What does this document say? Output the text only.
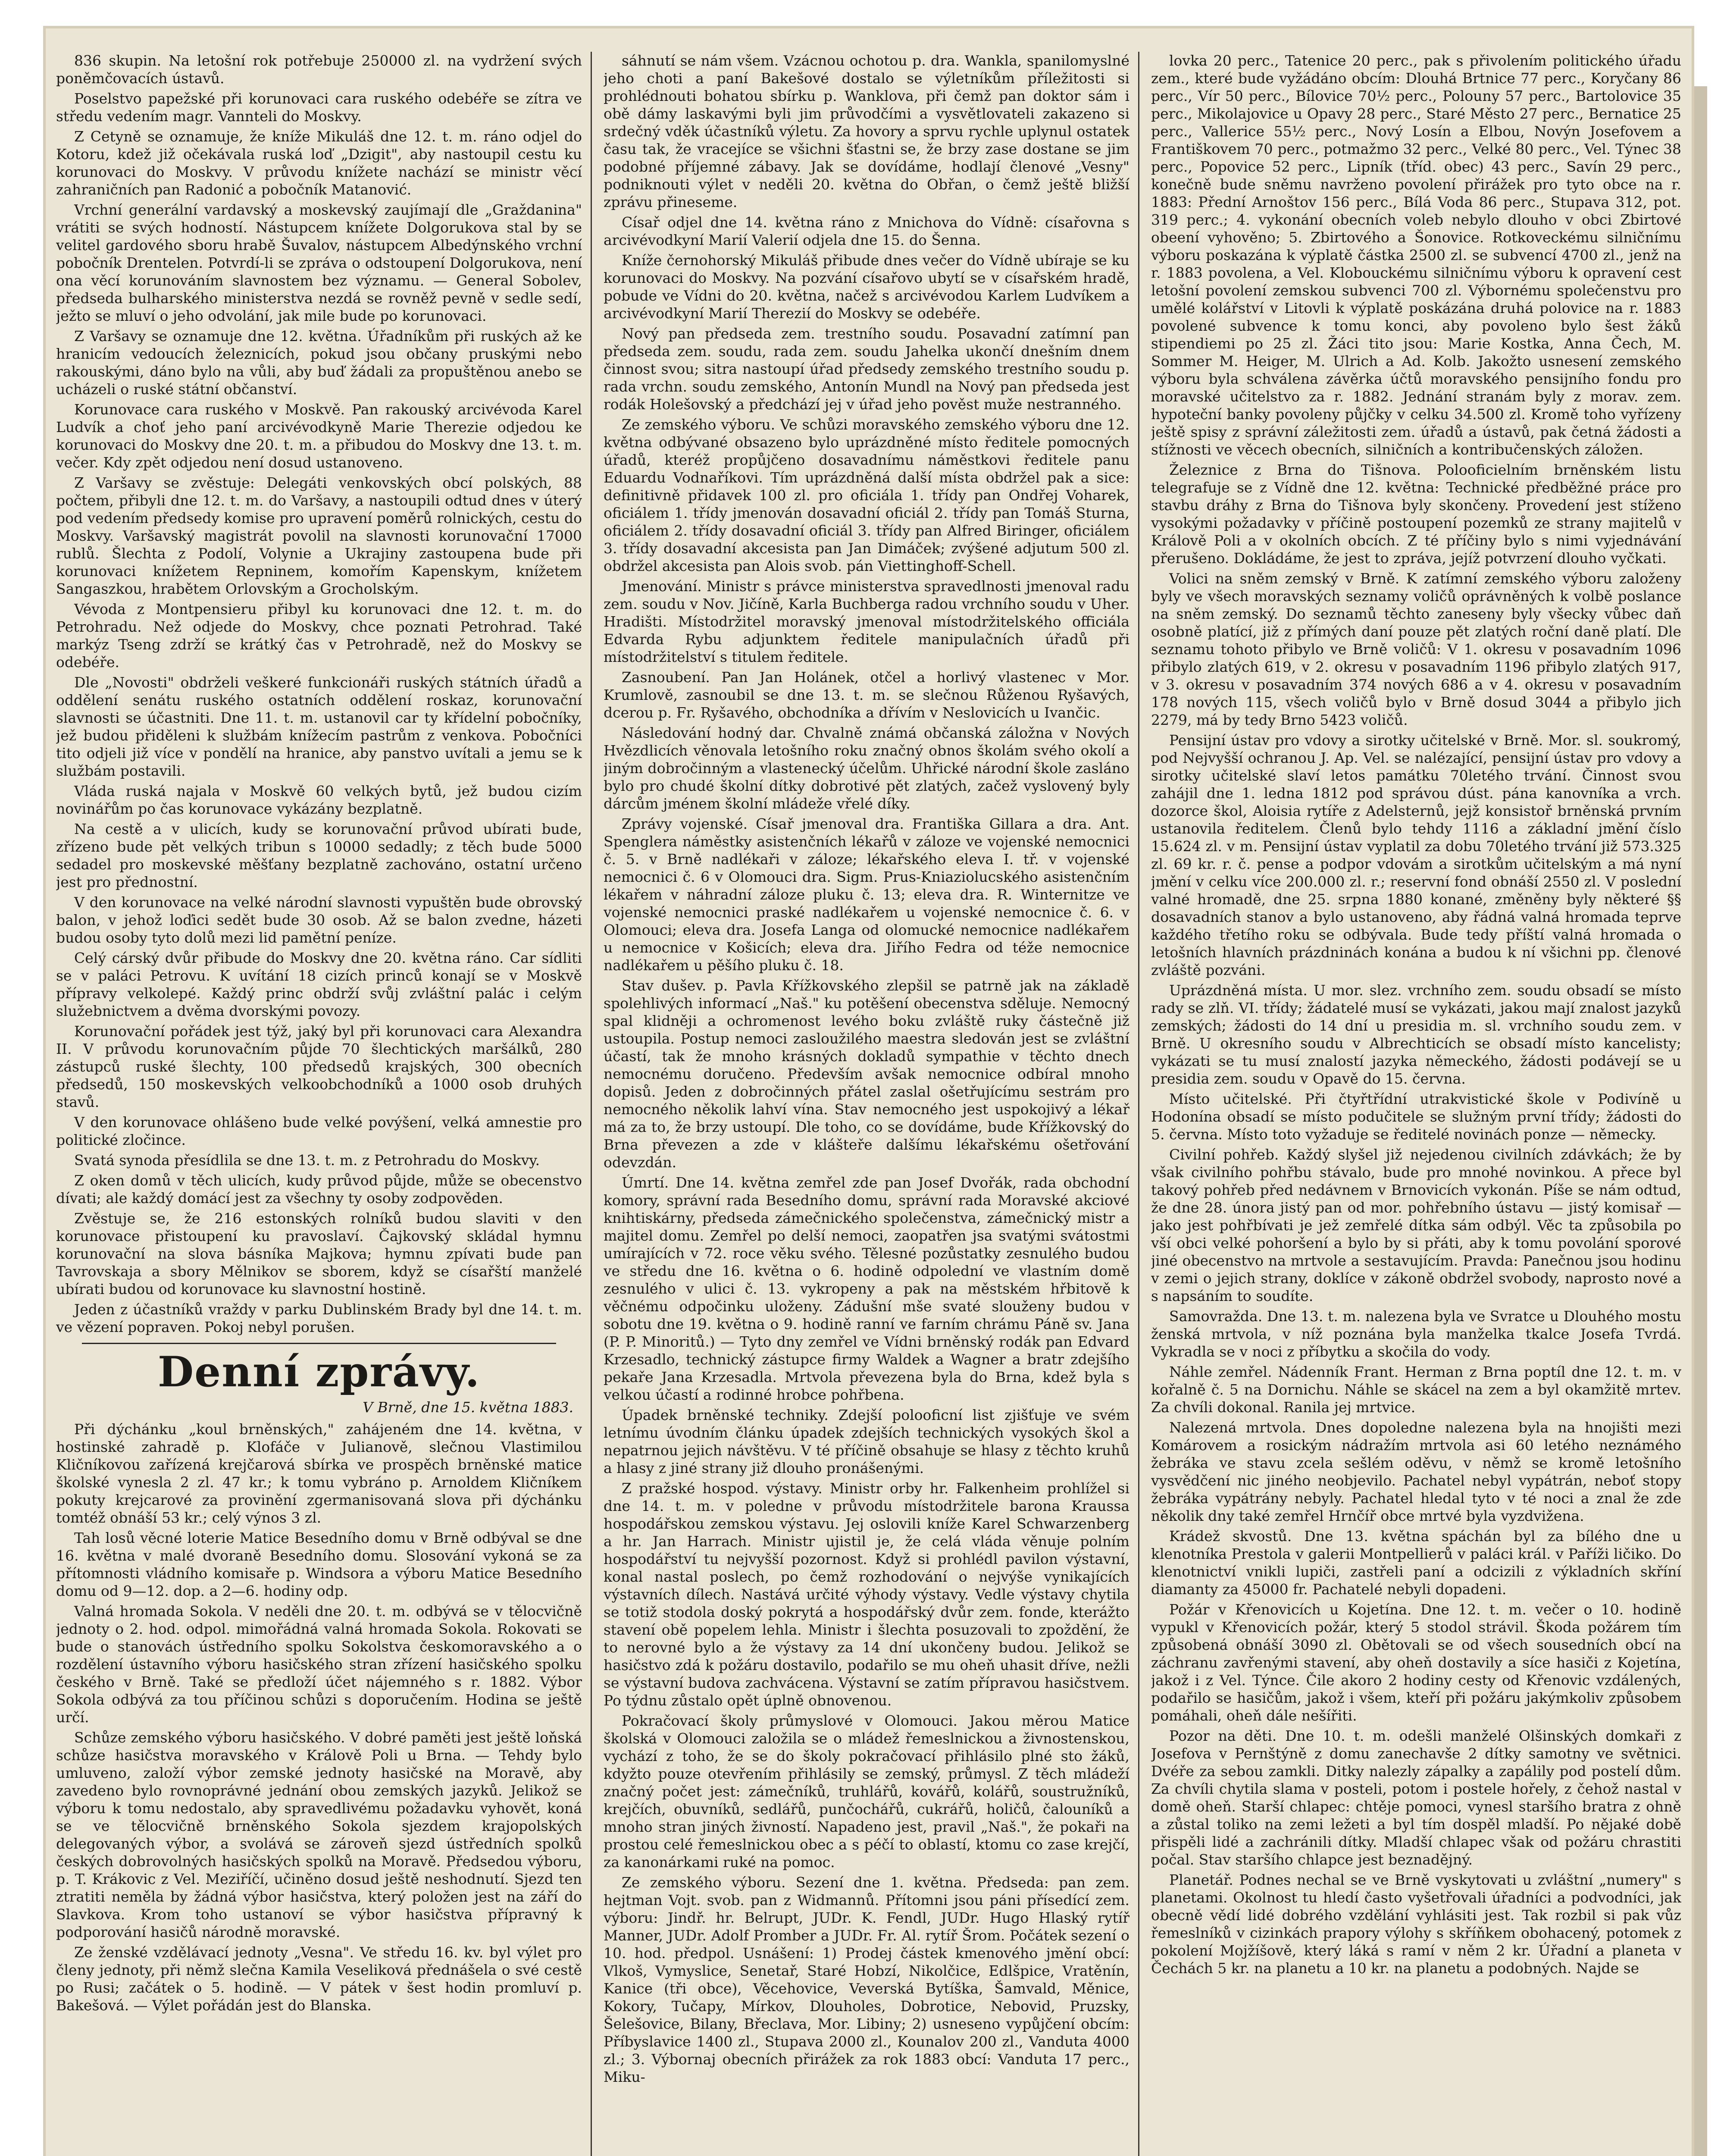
836 skupin. Na letošní rok potřebuje 250000 zl. na vydržení svých poněmčovacích ústavů.

Poselstvo papežské při korunovaci cara ruského odebéře se zítra ve středu vedením magr. Vannteli do Moskvy.

Z Cetyně se oznamuje, že kníže Mikuláš dne 12. t. m. ráno odjel do Kotoru, kdež již očekávala ruská loď „Dzigit", aby nastoupil cestu ku korunovaci do Moskvy. V průvodu knížete nachází se ministr věcí zahraničních pan Radonić a pobočník Matanović.

Vrchní generální vardavský a moskevský zaujímají dle „Graždanina" vrátiti se svých hodností. Nástupcem knížete Dolgorukova stal by se velitel gardového sboru hrabě Šuvalov, nástupcem Albedýnského vrchní pobočník Drentelen. Potvrdí-li se zpráva o odstoupení Dolgorukova, není ona věcí korunováním slavnostem bez významu. — General Sobolev, předseda bulharského ministerstva nezdá se rovněž pevně v sedle sedí, ježto se mluví o jeho odvolání, jak mile bude po korunovaci.

Z Varšavy se oznamuje dne 12. května. Úřadníkům při ruských až ke hranicím vedoucích železnicích, pokud jsou občany pruskými nebo rakouskými, dáno bylo na vůli, aby buď žádali za propuštěnou anebo se ucházeli o ruské státní občanství.

Korunovace cara ruského v Moskvě. Pan rakouský arcivévoda Karel Ludvík a choť jeho paní arcivévodkyně Marie Therezie odjedou ke korunovaci do Moskvy dne 20. t. m. a přibudou do Moskvy dne 13. t. m. večer. Kdy zpět odjedou není dosud ustanoveno.

Z Varšavy se zvěstuje: Delegáti venkovských obcí polských, 88 počtem, přibyli dne 12. t. m. do Varšavy, a nastoupili odtud dnes v úterý pod vedením předsedy komise pro upravení poměrů rolnických, cestu do Moskvy. Varšavský magistrát povolil na slavnosti korunovační 17000 rublů. Šlechta z Podolí, Volynie a Ukrajiny zastoupena bude při korunovaci knížetem Repninem, komořím Kapenskym, knížetem Sangaszkou, hrabětem Orlovským a Grocholským.

Vévoda z Montpensieru přibyl ku korunovaci dne 12. t. m. do Petrohradu. Než odjede do Moskvy, chce poznati Petrohrad. Také markýz Tseng zdrží se krátký čas v Petrohradě, než do Moskvy se odebéře.

Dle „Novosti" obdrželi veškeré funkcionáři ruských státních úřadů a oddělení senátu ruského ostatních oddělení roskaz, korunovační slavnosti se účastniti. Dne 11. t. m. ustanovil car ty křídelní pobočníky, jež budou přiděleni k službám knížecím pastrům z venkova. Pobočníci tito odjeli již více v pondělí na hranice, aby panstvo uvítali a jemu se k službám postavili.

Vláda ruská najala v Moskvě 60 velkých bytů, jež budou cizím novinářům po čas korunovace vykázány bezplatně.

Na cestě a v ulicích, kudy se korunovační průvod ubírati bude, zřízeno bude pět velkých tribun s 10000 sedadly; z těch bude 5000 sedadel pro moskevské měšťany bezplatně zachováno, ostatní určeno jest pro přednostní.

V den korunovace na velké národní slavnosti vypuštěn bude obrovský balon, v jehož loďici sedět bude 30 osob. Až se balon zvedne, házeti budou osoby tyto dolů mezi lid pamětní peníze.

Celý cárský dvůr přibude do Moskvy dne 20. května ráno. Car sídliti se v paláci Petrovu. K uvítání 18 cizích princů konají se v Moskvě přípravy velkolepé. Každý princ obdrží svůj zvláštní palác i celým služebnictvem a dvěma dvorskými povozy.

Korunovační pořádek jest týž, jaký byl při korunovaci cara Alexandra II. V průvodu korunovačním půjde 70 šlechtických maršálků, 280 zástupců ruské šlechty, 100 předsedů krajských, 300 obecních předsedů, 150 moskevských velkoobchodníků a 1000 osob druhých stavů.

V den korunovace ohlášeno bude velké povýšení, velká amnestie pro politické zločince.

Svatá synoda přesídlila se dne 13. t. m. z Petrohradu do Moskvy.

Z oken domů v těch ulicích, kudy průvod půjde, může se obecenstvo dívati; ale každý domácí jest za všechny ty osoby zodpověden.

Zvěstuje se, že 216 estonských rolníků budou slaviti v den korunovace přistoupení ku pravoslaví. Čajkovský skládal hymnu korunovační na slova básníka Majkova; hymnu zpívati bude pan Tavrovskaja a sbory Mělnikov se sborem, když se císařští manželé ubírati budou od korunovace ku slavnostní hostině.

Jeden z účastníků vraždy v parku Dublinském Brady byl dne 14. t. m. ve vězení popraven. Pokoj nebyl porušen.

Denní zprávy.
V Brně, dne 15. května 1883.

Při dýchánku „koul brněnských," zahájeném dne 14. května, v hostinské zahradě p. Klofáče v Julianově, slečnou Vlastimilou Kličníkovou zařízená krejčarová sbírka ve prospěch brněnské matice školské vynesla 2 zl. 47 kr.; k tomu vybráno p. Arnoldem Kličníkem pokuty krejcarové za provinění zgermanisovaná slova při dýchánku tomtéž obnáší 53 kr.; celý výnos 3 zl.

Tah losů věcné loterie Matice Besedního domu v Brně odbýval se dne 16. května v malé dvoraně Besedního domu. Slosování vykoná se za přítomnosti vládního komisaře p. Windsora a výboru Matice Besedního domu od 9—12. dop. a 2—6. hodiny odp.

Valná hromada Sokola. V neděli dne 20. t. m. odbývá se v tělocvičně jednoty o 2. hod. odpol. mimořádná valná hromada Sokola. Rokovati se bude o stanovách ústředního spolku Sokolstva českomoravského a o rozdělení ústavního výboru hasičského stran zřízení hasičského spolku českého v Brně. Také se předloží účet nájemného s r. 1882. Výbor Sokola odbývá za tou příčinou schůzi s doporučením. Hodina se ještě určí.

Schůze zemského výboru hasičského. V dobré paměti jest ještě loňská schůze hasičstva moravského v Králově Poli u Brna. — Tehdy bylo umluveno, založí výbor zemské jednoty hasičské na Moravě, aby zavedeno bylo rovnoprávné jednání obou zemských jazyků. Jelikož se výboru k tomu nedostalo, aby spravedlivému požadavku vyhovět, koná se ve tělocvičně brněnského Sokola sjezdem krajopolských delegovaných výbor, a svolává se zároveň sjezd ústředních spolků českých dobrovolných hasičských spolků na Moravě. Předsedou výboru, p. T. Krákovic z Vel. Meziříčí, učiněno dosud ještě neshodnutí. Sjezd ten ztratiti neměla by žádná výbor hasičstva, který položen jest na září do Slavkova. Krom toho ustanoví se výbor hasičstva přípravný k podporování hasičů národně moravské.

Ze ženské vzdělávací jednoty „Vesna". Ve středu 16. kv. byl výlet pro členy jednoty, při němž slečna Kamila Veseliková přednášela o své cestě po Rusi; začátek o 5. hodině. — V pátek v šest hodin promluví p. Bakešová. — Výlet pořádán jest do Blanska.

sáhnutí se nám všem. Vzácnou ochotou p. dra. Wankla, spanilomyslné jeho choti a paní Bakešové dostalo se výletníkům příležitosti si prohlédnouti bohatou sbírku p. Wanklova, při čemž pan doktor sám i obě dámy laskavými byli jim průvodčími a vysvětlovateli zakazeno si srdečný vděk účastníků výletu. Za hovory a sprvu rychle uplynul ostatek času tak, že vracejíce se všichni šťastni se, že brzy zase dostane se jim podobné příjemné zábavy. Jak se dovídáme, hodlají členové „Vesny" podniknouti výlet v neděli 20. května do Obřan, o čemž ještě bližší zprávu přineseme.

Císař odjel dne 14. května ráno z Mnichova do Vídně: císařovna s arcivévodkyní Marií Valerií odjela dne 15. do Šenna.

Kníže černohorský Mikuláš přibude dnes večer do Vídně ubíraje se ku korunovaci do Moskvy. Na pozvání císařovo ubytí se v císařském hradě, pobude ve Vídni do 20. května, načež s arcivévodou Karlem Ludvíkem a arcivévodkyní Marií Therezií do Moskvy se odebéře.

Nový pan předseda zem. trestního soudu. Posavadní zatímní pan předseda zem. soudu, rada zem. soudu Jahelka ukončí dnešním dnem činnost svou; sitra nastoupí úřad předsedy zemského trestního soudu p. rada vrchn. soudu zemského, Antonín Mundl na Nový pan předseda jest rodák Holešovský a předchází jej v úřad jeho pověst muže nestranného.

Ze zemského výboru. Ve schůzi moravského zemského výboru dne 12. května odbývané obsazeno bylo uprázdněné místo ředitele pomocných úřadů, kteréž propůjčeno dosavadnímu náměstkovi ředitele panu Eduardu Vodnaříkovi. Tím uprázdněná další místa obdržel pak a sice: definitivně přidavek 100 zl. pro oficiála 1. třídy pan Ondřej Voharek, oficiálem 1. třídy jmenován dosavadní oficiál 2. třídy pan Tomáš Sturna, oficiálem 2. třídy dosavadní oficiál 3. třídy pan Alfred Biringer, oficiálem 3. třídy dosavadní akcesista pan Jan Dimáček; zvýšené adjutum 500 zl. obdržel akcesista pan Alois svob. pán Viettinghoff-Schell.

Jmenování. Ministr s právce ministerstva spravedlnosti jmenoval radu zem. soudu v Nov. Jičíně, Karla Buchberga radou vrchního soudu v Uher. Hradišti. Místodržitel moravský jmenoval místodržitelského officiála Edvarda Rybu adjunktem ředitele manipulačních úřadů při místodržitelství s titulem ředitele.

Zasnoubení. Pan Jan Holánek, otčel a horlivý vlastenec v Mor. Krumlově, zasnoubil se dne 13. t. m. se slečnou Růženou Ryšavých, dcerou p. Fr. Ryšavého, obchodníka a dřívím v Neslovicích u Ivančic.

Následování hodný dar. Chvalně známá občanská záložna v Nových Hvězdlicích věnovala letošního roku značný obnos školám svého okolí a jiným dobročinným a vlastenecký účelům. Uhřické národní škole zasláno bylo pro chudé školní dítky dobrotivé pět zlatých, začež vyslovený byly dárcům jménem školní mládeže vřelé díky.

Zprávy vojenské. Císař jmenoval dra. Františka Gillara a dra. Ant. Spenglera náměstky asistenčních lékařů v záloze ve vojenské nemocnici č. 5. v Brně nadlékaři v záloze; lékařského eleva I. tř. v vojenské nemocnici č. 6 v Olomouci dra. Sigm. Prus-Kniaziolucského asistenčním lékařem v náhradní záloze pluku č. 13; eleva dra. R. Winternitze ve vojenské nemocnici praské nadlékařem u vojenské nemocnice č. 6. v Olomouci; eleva dra. Josefa Langa od olomucké nemocnice nadlékařem u nemocnice v Košicích; eleva dra. Jiřího Fedra od téže nemocnice nadlékařem u pěšího pluku č. 18.

Stav dušev. p. Pavla Křížkovského zlepšil se patrně jak na základě spolehlivých informací „Naš." ku potěšení obecenstva sděluje. Nemocný spal klidněji a ochromenost levého boku zvláště ruky částečně již ustoupila. Postup nemoci zasloužilého maestra sledován jest se zvláštní účastí, tak že mnoho krásných dokladů sympathie v těchto dnech nemocnému doručeno. Především avšak nemocnice odbíral mnoho dopisů. Jeden z dobročinných přátel zaslal ošetřujícímu sestrám pro nemocného několik lahví vína. Stav nemocného jest uspokojivý a lékař má za to, že brzy ustoupí. Dle toho, co se dovídáme, bude Křížkovský do Brna převezen a zde v klášteře dalšímu lékařskému ošetřování odevzdán.

Úmrtí. Dne 14. května zemřel zde pan Josef Dvořák, rada obchodní komory, správní rada Besedního domu, správní rada Moravské akciové knihtiskárny, předseda zámečnického společenstva, zámečnický mistr a majitel domu. Zemřel po delší nemoci, zaopatřen jsa svatými svátostmi umírajících v 72. roce věku svého. Tělesné pozůstatky zesnulého budou ve středu dne 16. května o 6. hodině odpolední ve vlastním domě zesnulého v ulici č. 13. vykropeny a pak na městském hřbitově k věčnému odpočinku uloženy. Zádušní mše svaté slouženy budou v sobotu dne 19. května o 9. hodině ranní ve farním chrámu Páně sv. Jana (P. P. Minoritů.) — Tyto dny zemřel ve Vídni brněnský rodák pan Edvard Krzesadlo, technický zástupce firmy Waldek a Wagner a bratr zdejšího pekaře Jana Krzesadla. Mrtvola převezena byla do Brna, kdež byla s velkou účastí a rodinné hrobce pohřbena.

Úpadek brněnské techniky. Zdejší polooficní list zjišťuje ve svém letnímu úvodním článku úpadek zdejších technických vysokých škol a nepatrnou jejich návštěvu. V té příčině obsahuje se hlasy z těchto kruhů a hlasy z jiné strany již dlouho pronášenými.

Z pražské hospod. výstavy. Ministr orby hr. Falkenheim prohlížel si dne 14. t. m. v poledne v průvodu místodržitele barona Kraussa hospodářskou zemskou výstavu. Jej oslovili kníže Karel Schwarzenberg a hr. Jan Harrach. Ministr ujistil je, že celá vláda věnuje polním hospodářství tu nejvyšší pozornost. Když si prohlédl pavilon výstavní, konal nastal poslech, po čemž rozhodování o nejvýše vynikajících výstavních dílech. Nastává určité výhody výstavy. Vedle výstavy chytila se totiž stodola doský pokrytá a hospodářský dvůr zem. fonde, kterážto stavení obě popelem lehla. Ministr i šlechta posuzovali to zpoždění, že to nerovné bylo a že výstavy za 14 dní ukončeny budou. Jelikož se hasičstvo zdá k požáru dostavilo, podařilo se mu oheň uhasit dříve, nežli se výstavní budova zachvácena. Výstavní se zatím přípravou hasičstvem. Po týdnu zůstalo opět úplně obnovenou.

Pokračovací školy průmyslové v Olomouci. Jakou měrou Matice školská v Olomouci založila se o mládež řemeslnickou a živnostenskou, vychází z toho, že se do školy pokračovací přihlásilo plné sto žáků, kdyžto pouze otevřením přihlásily se zemský, průmysl. Z těch mládeží značný počet jest: zámečníků, truhlářů, kovářů, kolářů, soustružníků, krejčích, obuvníků, sedlářů, punčochářů, cukrářů, holičů, čalouníků a mnoho stran jiných živností. Napadeno jest, pravil „Naš.", že pokaři na prostou celé řemeslnickou obec a s péčí to oblastí, ktomu co zase krejčí, za kanonárkami ruké na pomoc.

Ze zemského výboru. Sezení dne 1. května. Předseda: pan zem. hejtman Vojt. svob. pan z Widmannů. Přítomni jsou páni přísedící zem. výboru: Jindř. hr. Belrupt, JUDr. K. Fendl, JUDr. Hugo Hlaský rytíř Manner, JUDr. Adolf Promber a JUDr. Fr. Al. rytíř Šrom. Počátek sezení o 10. hod. předpol. Usnášení: 1) Prodej částek kmenového jmění obcí: Vlkoš, Vymyslice, Senetař, Staré Hobzí, Nikolčice, Edlšpice, Vratěnín, Kanice (tři obce), Věcehovice, Veverská Bytíška, Šamvald, Měnice, Kokory, Tučapy, Mírkov, Dlouholes, Dobrotice, Nebovid, Pruzsky, Šelešovice, Bilany, Břeclava, Mor. Libiny; 2) usneseno vypůjčení obcím: Příbyslavice 1400 zl., Stupava 2000 zl., Kounalov 200 zl., Vanduta 4000 zl.; 3. Výbornaj obecních přirážek za rok 1883 obcí: Vanduta 17 perc., Miku-

lovka 20 perc., Tatenice 20 perc., pak s přivolením politického úřadu zem., které bude vyžádáno obcím: Dlouhá Brtnice 77 perc., Koryčany 86 perc., Vír 50 perc., Bílovice 70½ perc., Polouny 57 perc., Bartolovice 35 perc., Mikolajovice u Opavy 28 perc., Staré Město 27 perc., Bernatice 25 perc., Vallerice 55½ perc., Nový Losín a Elbou, Novýn Josefovem a Františkovem 70 perc., potmažmo 32 perc., Velké 80 perc., Vel. Týnec 38 perc., Popovice 52 perc., Lipník (tříd. obec) 43 perc., Savín 29 perc., konečně bude sněmu navrženo povolení přirážek pro tyto obce na r. 1883: Přední Arnoštov 156 perc., Bílá Voda 86 perc., Stupava 312, pot. 319 perc.; 4. vykonání obecních voleb nebylo dlouho v obci Zbirtové obeení vyhověno; 5. Zbirtového a Šonovice. Rotkoveckému silničnímu výboru poskazána k výplatě částka 2500 zl. se subvencí 4700 zl., jenž na r. 1883 povolena, a Vel. Klobouckému silničnímu výboru k opravení cest letošní povolení zemskou subvenci 700 zl. Výbornému společenstvu pro umělé kolářství v Litovli k výplatě poskázána druhá polovice na r. 1883 povolené subvence k tomu konci, aby povoleno bylo šest žáků stipendiemi po 25 zl. Žáci tito jsou: Marie Kostka, Anna Čech, M. Sommer M. Heiger, M. Ulrich a Ad. Kolb. Jakožto usnesení zemského výboru byla schválena závěrka účtů moravského pensijního fondu pro moravské učitelstvo za r. 1882. Jednání stranám byly z morav. zem. hypoteční banky povoleny půjčky v celku 34.500 zl. Kromě toho vyřízeny ještě spisy z správní záležitosti zem. úřadů a ústavů, pak četná žádosti a stížnosti ve věcech obecních, silničních a kontribučenských záložen.

Železnice z Brna do Tišnova. Polooficielním brněnském listu telegrafuje se z Vídně dne 12. května: Technické předběžné práce pro stavbu dráhy z Brna do Tišnova byly skončeny. Provedení jest stíženo vysokými požadavky v příčině postoupení pozemků ze strany majitelů v Králově Poli a v okolních obcích. Z té příčiny bylo s nimi vyjednávání přerušeno. Dokládáme, že jest to zpráva, jejíž potvrzení dlouho vyčkati.

Volici na sněm zemský v Brně. K zatímní zemského výboru založeny byly ve všech moravských seznamy voličů oprávněných k volbě poslance na sněm zemský. Do seznamů těchto zaneseny byly všecky vůbec daň osobně platící, již z přímých daní pouze pět zlatých roční daně platí. Dle seznamu tohoto přibylo ve Brně voličů: V 1. okresu v posavadním 1096 přibylo zlatých 619, v 2. okresu v posavadním 1196 přibylo zlatých 917, v 3. okresu v posavadním 374 nových 686 a v 4. okresu v posavadním 178 nových 115, všech voličů bylo v Brně dosud 3044 a přibylo jich 2279, má by tedy Brno 5423 voličů.

Pensijní ústav pro vdovy a sirotky učitelské v Brně. Mor. sl. soukromý, pod Nejvyšší ochranou J. Ap. Vel. se nalézající, pensijní ústav pro vdovy a sirotky učitelské slaví letos památku 70letého trvání. Činnost svou zahájil dne 1. ledna 1812 pod správou dúst. pána kanovníka a vrch. dozorce škol, Aloisia rytíře z Adelsternů, jejž konsistoř brněnská prvním ustanovila ředitelem. Členů bylo tehdy 1116 a základní jmění číslo 15.624 zl. v m. Pensijní ústav vyplatil za dobu 70letého trvání již 573.325 zl. 69 kr. r. č. pense a podpor vdovám a sirotkům učitelským a má nyní jmění v celku více 200.000 zl. r.; reservní fond obnáší 2550 zl. V poslední valné hromadě, dne 25. srpna 1880 konané, změněny byly některé §§ dosavadních stanov a bylo ustanoveno, aby řádná valná hromada teprve každého třetího roku se odbývala. Bude tedy příští valná hromada o letošních hlavních prázdninách konána a budou k ní všichni pp. členové zvláště pozváni.

Uprázdněná místa. U mor. slez. vrchního zem. soudu obsadí se místo rady se zlň. VI. třídy; žádatelé musí se vykázati, jakou mají znalost jazyků zemských; žádosti do 14 dní u presidia m. sl. vrchního soudu zem. v Brně. U okresního soudu v Albrechticích se obsadí místo kancelisty; vykázati se tu musí znalostí jazyka německého, žádosti podávejí se u presidia zem. soudu v Opavě do 15. června.

Místo učitelské. Při čtyřtřídní utrakvistické škole v Podivíně u Hodonína obsadí se místo podučitele se služným první třídy; žádosti do 5. června. Místo toto vyžaduje se ředitelé novinách ponze — německy.

Civilní pohřeb. Každý slyšel již nejedenou civilních zdávkách; že by však civilního pohřbu stávalo, bude pro mnohé novinkou. A přece byl takový pohřeb před nedávnem v Brnovicích vykonán. Píše se nám odtud, že dne 28. února jistý pan od mor. pohřebního ústavu — jistý komisař — jako jest pohřbívati je jež zemřelé dítka sám odbýl. Věc ta způsobila po vší obci velké pohoršení a bylo by si přáti, aby k tomu povolání sporové jiné obecenstvo na mrtvole a sestavujícím. Pravda: Panečnou jsou hodinu v zemi o jejich strany, doklíce v zákoně obdržel svobody, naprosto nové a s napsáním to soudíte.

Samovražda. Dne 13. t. m. nalezena byla ve Svratce u Dlouhého mostu ženská mrtvola, v níž poznána byla manželka tkalce Josefa Tvrdá. Vykradla se v noci z příbytku a skočila do vody.

Náhle zemřel. Nádenník Frant. Herman z Brna poptíl dne 12. t. m. v kořalně č. 5 na Dornichu. Náhle se skácel na zem a byl okamžitě mrtev. Za chvíli dokonal. Ranila jej mrtvice.

Nalezená mrtvola. Dnes dopoledne nalezena byla na hnojišti mezi Komárovem a rosickým nádražím mrtvola asi 60 letého neznámého žebráka ve stavu zcela sešlém oděvu, v němž se kromě letošního vysvědčení nic jiného neobjevilo. Pachatel nebyl vypátrán, neboť stopy žebráka vypátrány nebyly. Pachatel hledal tyto v té noci a znal že zde několik dny také zemřel Hrnčíř obce mrtvé byla vyzdvižena.

Krádež skvostů. Dne 13. května spáchán byl za bílého dne u klenotníka Prestola v galerii Montpellierů v paláci král. v Paříži ličiko. Do klenotnictví vnikli lupiči, zastřeli paní a odcizili z výkladních skříní diamanty za 45000 fr. Pachatelé nebyli dopadeni.

Požár v Křenovicích u Kojetína. Dne 12. t. m. večer o 10. hodině vypukl v Křenovicích požár, který 5 stodol strávil. Škoda požárem tím způsobená obnáší 3090 zl. Obětovali se od všech sousedních obcí na záchranu zavřenými stavení, aby oheň dostavily a síce hasiči z Kojetína, jakož i z Vel. Týnce. Čile akoro 2 hodiny cesty od Křenovic vzdálených, podařilo se hasičům, jakož i všem, kteří při požáru jakýmkoliv způsobem pomáhali, oheň dále nešířiti.

Pozor na děti. Dne 10. t. m. odešli manželé Olšinských domkaři z Josefova v Pernštýně z domu zanechavše 2 dítky samotny ve světnici. Dvéře za sebou zamkli. Ditky nalezly zápalky a zapálily pod postelí dům. Za chvíli chytila slama v posteli, potom i postele hořely, z čehož nastal v domě oheň. Starší chlapec: chtěje pomoci, vynesl staršího bratra z ohně a zůstal toliko na zemi ležeti a byl tím dospěl mladší. Po nějaké době přispěli lidé a zachránili dítky. Mladší chlapec však od požáru chrastiti počal. Stav staršího chlapce jest beznadějný.

Planetář. Podnes nechal se ve Brně vyskytovati u zvláštní „numery" s planetami. Okolnost tu hledí často vyšetřovali úřadníci a podvodníci, jak obecně vědí lidé dobrého vzdělání vyhlásiti jest. Tak rozbil si pak vůz řemeslníků v cizinkách prapory výlohy s skříňkem obohacený, potomek z pokolení Mojžíšově, který láká s ramí v něm 2 kr. Úřadní a planeta v Čechách 5 kr. na planetu a 10 kr. na planetu a podobných. Najde se
